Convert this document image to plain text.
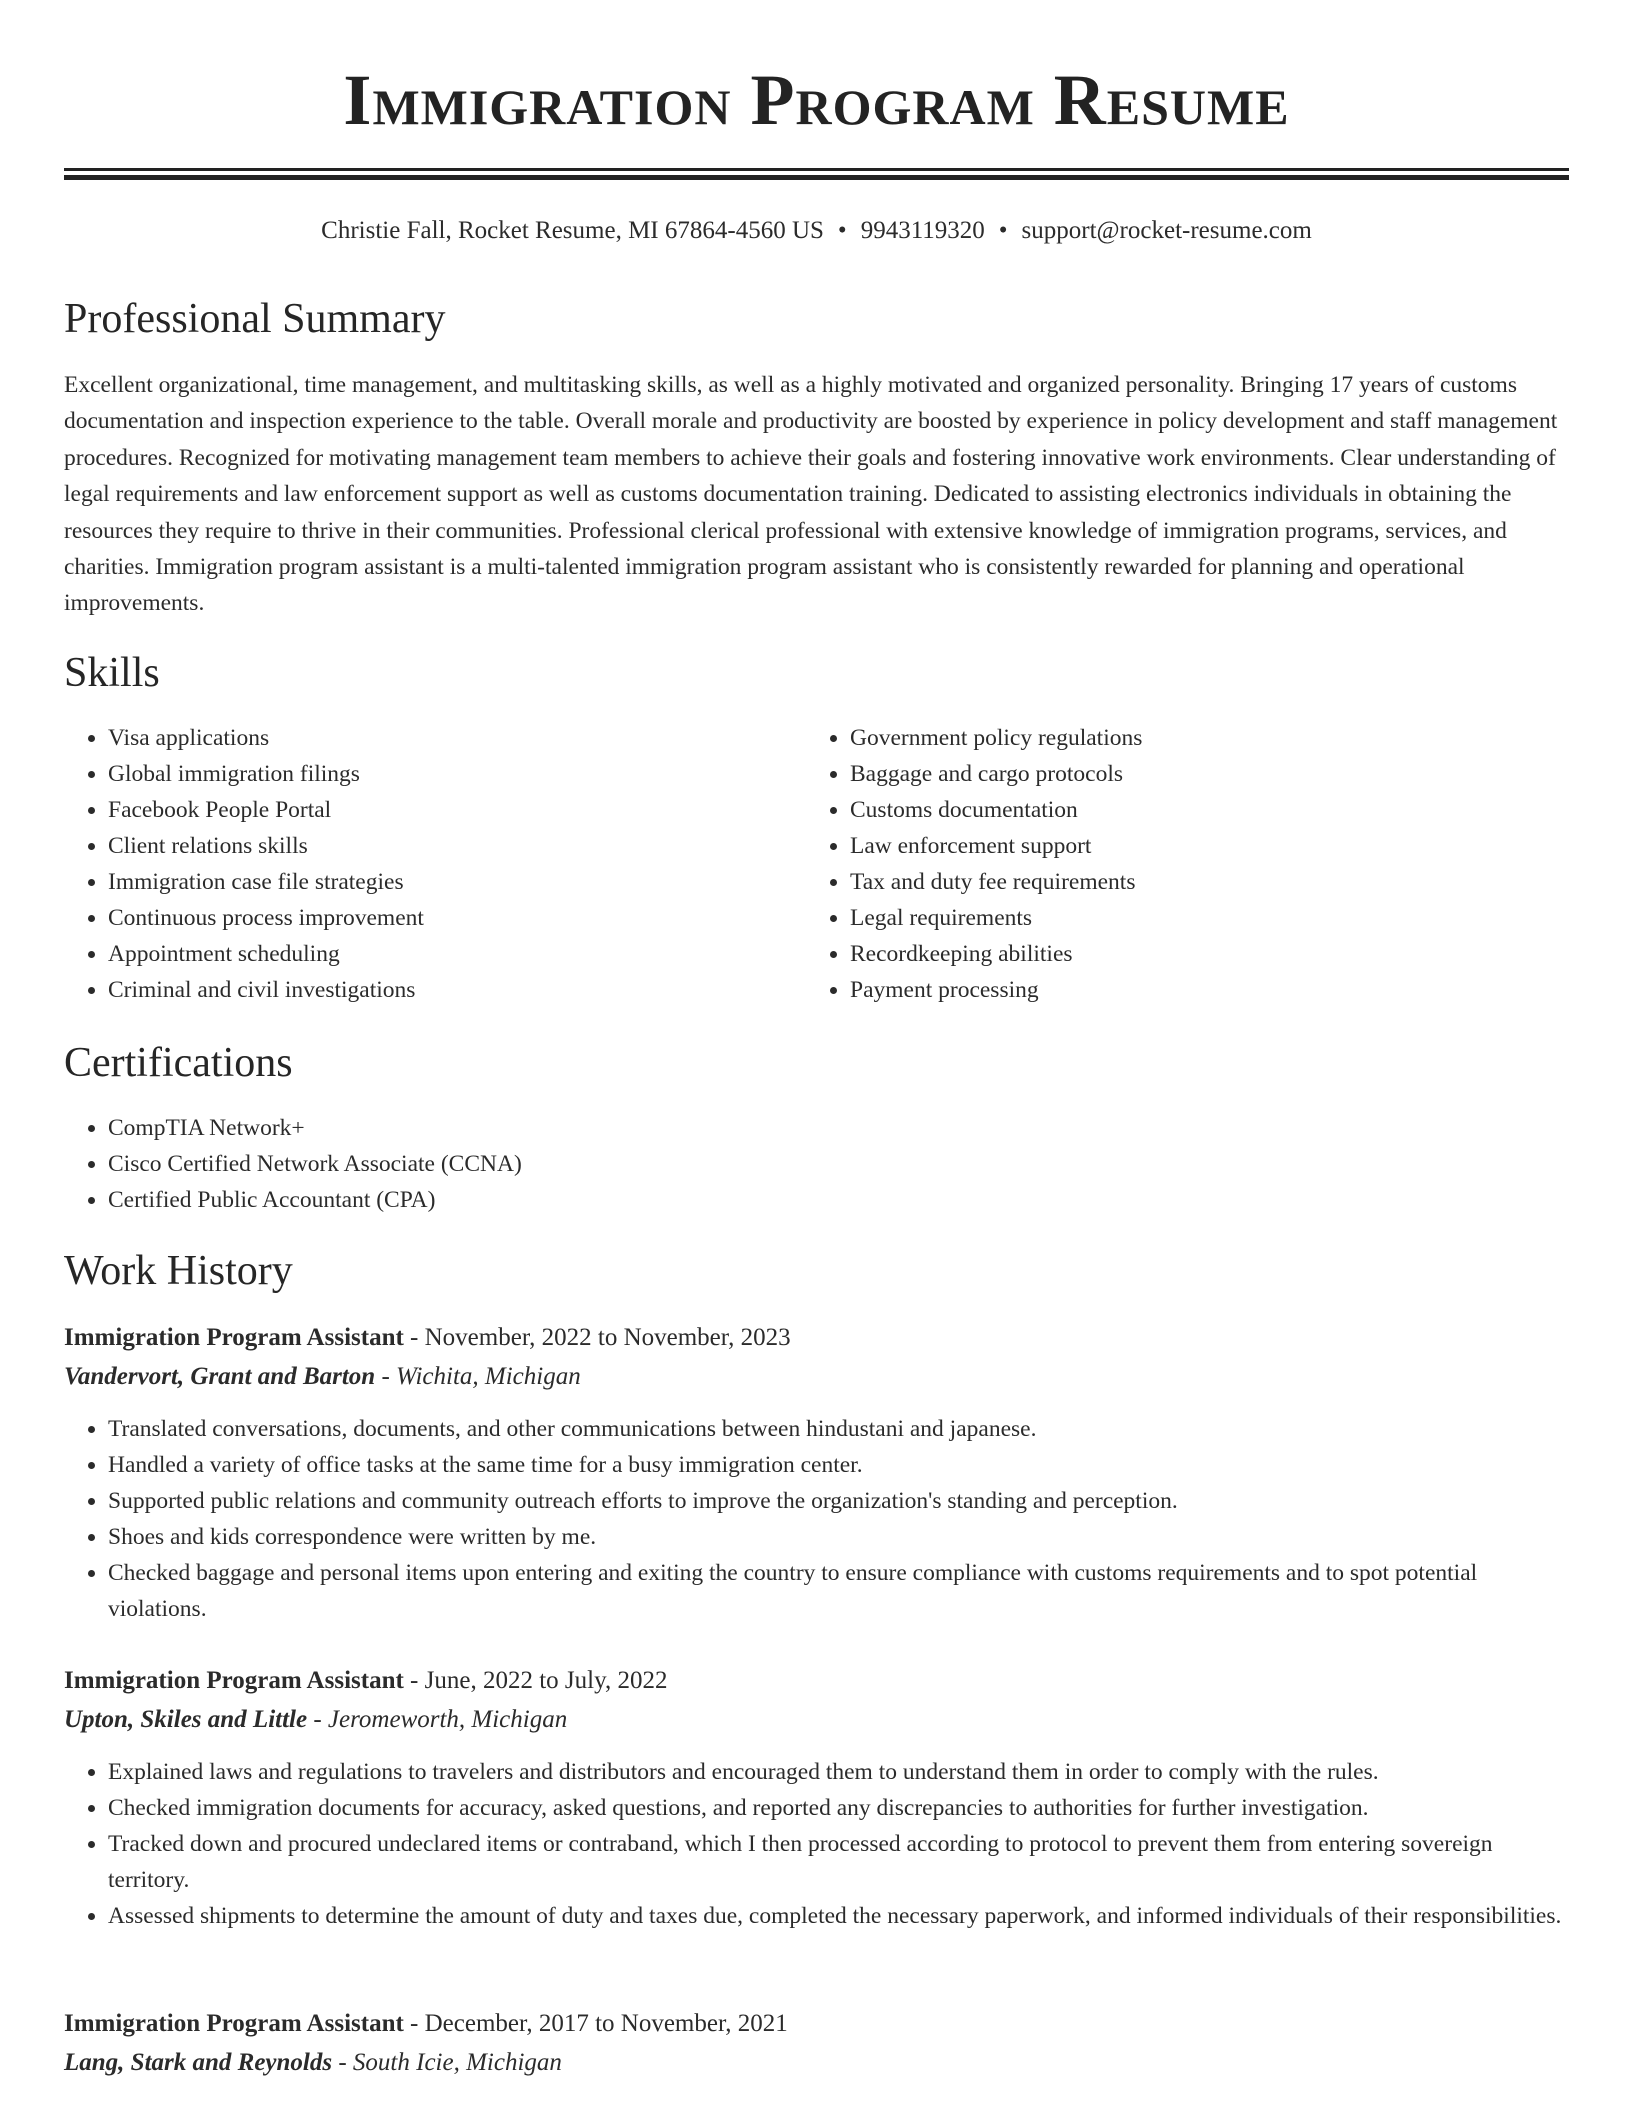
Immigration Program Resume
Christie Fall, Rocket Resume, MI 67864-4560 US • 9943119320 • support@rocket-resume.com
Professional Summary

Excellent organizational, time management, and multitasking skills, as well as a highly motivated and organized personality. Bringing 17 years of customs documentation and inspection experience to the table. Overall morale and productivity are boosted by experience in policy development and staff management procedures. Recognized for motivating management team members to achieve their goals and fostering innovative work environments. Clear understanding of legal requirements and law enforcement support as well as customs documentation training. Dedicated to assisting electronics individuals in obtaining the resources they require to thrive in their communities. Professional clerical professional with extensive knowledge of immigration programs, services, and charities. Immigration program assistant is a multi-talented immigration program assistant who is consistently rewarded for planning and operational improvements.

Skills
• Visa applications
• Global immigration filings
• Facebook People Portal
• Client relations skills
• Immigration case file strategies
• Continuous process improvement
• Appointment scheduling
• Criminal and civil investigations
• Government policy regulations
• Baggage and cargo protocols
• Customs documentation
• Law enforcement support
• Tax and duty fee requirements
• Legal requirements
• Recordkeeping abilities
• Payment processing
Certifications
• CompTIA Network+
• Cisco Certified Network Associate (CCNA)
• Certified Public Accountant (CPA)
Work History
Immigration Program Assistant - November, 2022 to November, 2023
Vandervort, Grant and Barton - Wichita, Michigan
• Translated conversations, documents, and other communications between hindustani and japanese.
• Handled a variety of office tasks at the same time for a busy immigration center.
• Supported public relations and community outreach efforts to improve the organization's standing and perception.
• Shoes and kids correspondence were written by me.
• Checked baggage and personal items upon entering and exiting the country to ensure compliance with customs requirements and to spot potential violations.
Immigration Program Assistant - June, 2022 to July, 2022
Upton, Skiles and Little - Jeromeworth, Michigan
• Explained laws and regulations to travelers and distributors and encouraged them to understand them in order to comply with the rules.
• Checked immigration documents for accuracy, asked questions, and reported any discrepancies to authorities for further investigation.
• Tracked down and procured undeclared items or contraband, which I then processed according to protocol to prevent them from entering sovereign territory.
• Assessed shipments to determine the amount of duty and taxes due, completed the necessary paperwork, and informed individuals of their responsibilities.
Immigration Program Assistant - December, 2017 to November, 2021
Lang, Stark and Reynolds - South Icie, Michigan
